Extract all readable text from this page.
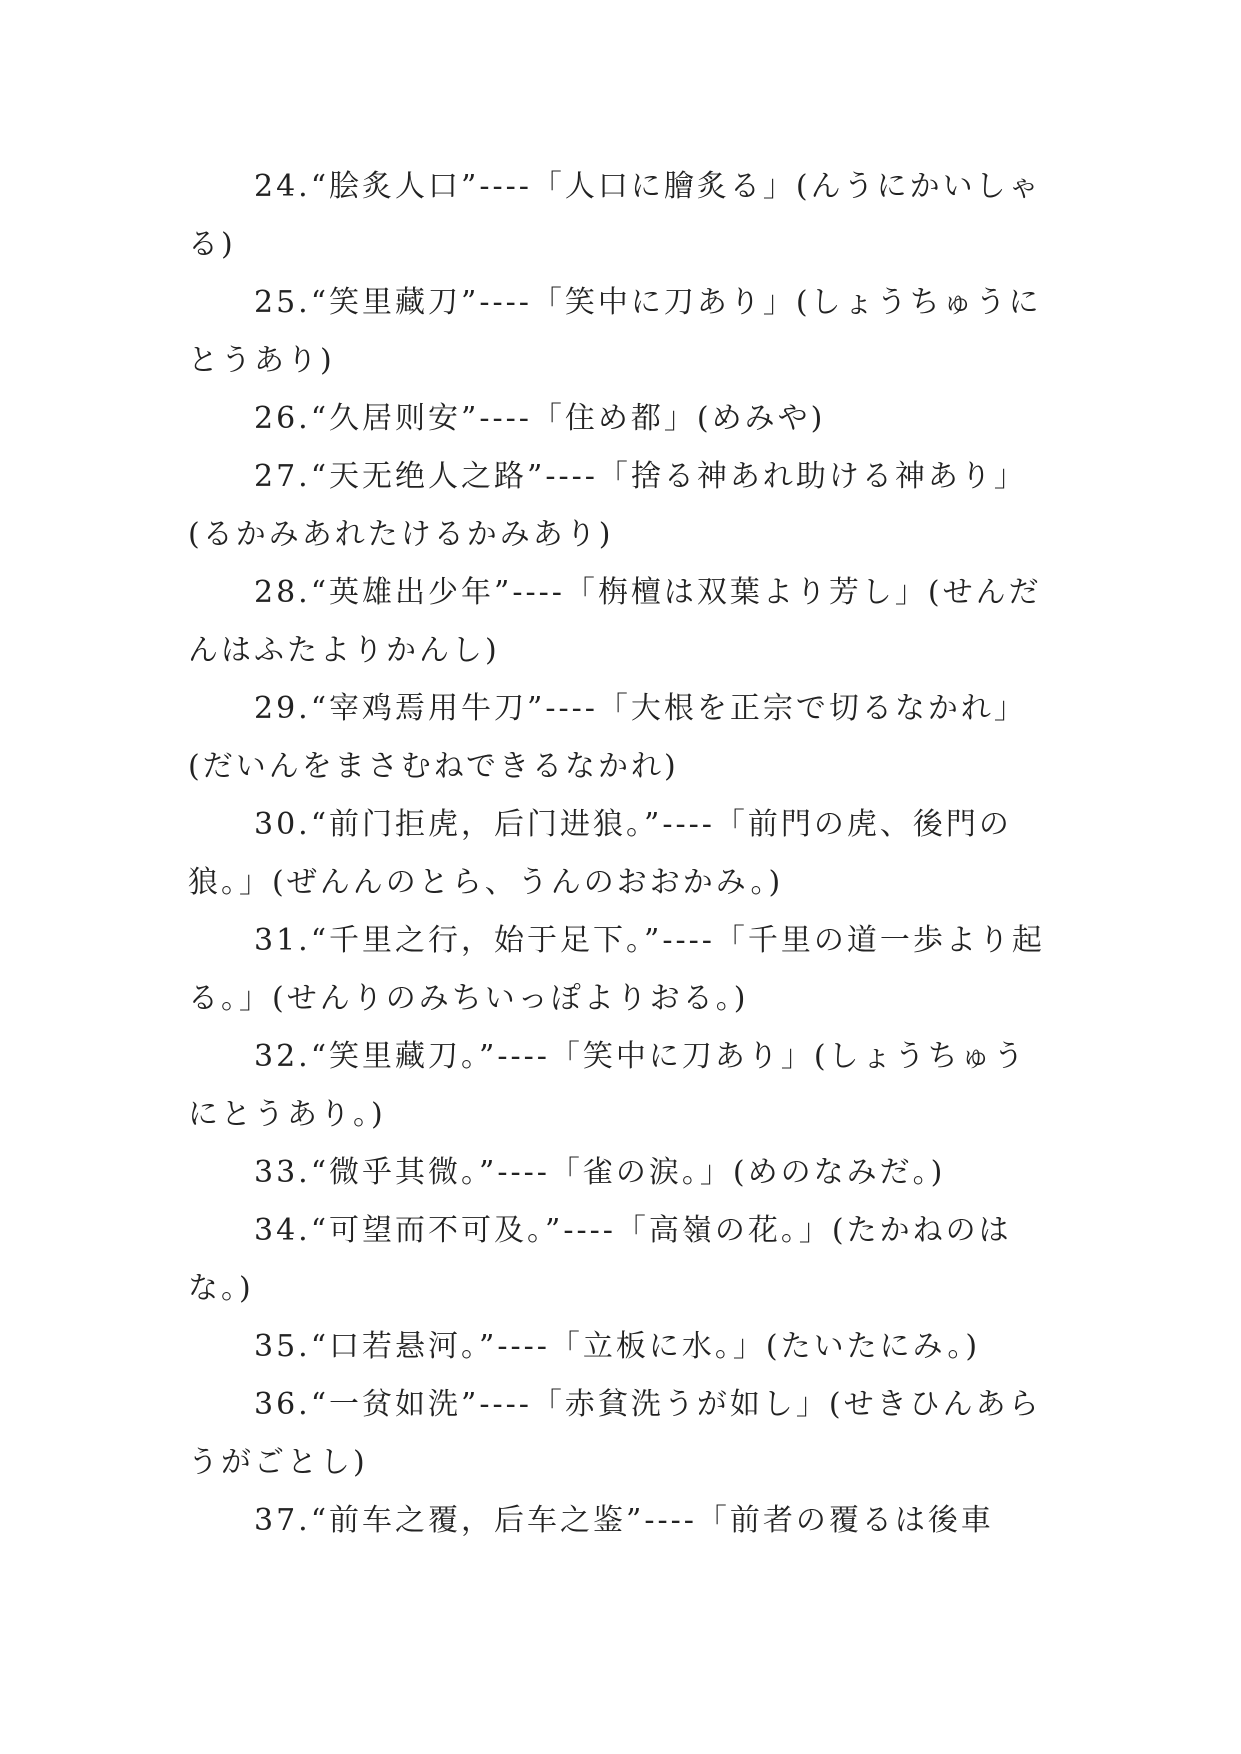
24.“脍炙人口”----「人口に膾炙る」(んうにかいしゃる)

25.“笑里藏刀”----「笑中に刀あり」(しょうちゅうにとうあり)

26.“久居则安”----「住め都」(めみや)

27.“天无绝人之路”----「捨る神あれ助ける神あり」(るかみあれたけるかみあり)

28.“英雄出少年”----「栴檀は双葉より芳し」(せんだんはふたよりかんし)

29.“宰鸡焉用牛刀”----「大根を正宗で切るなかれ」(だいんをまさむねできるなかれ)

30.“前门拒虎，后门进狼。”----「前門の虎、後門の狼。」(ぜんんのとら、うんのおおかみ。)

31.“千里之行，始于足下。”----「千里の道一歩より起る。」(せんりのみちいっぽよりおる。)

32.“笑里藏刀。”----「笑中に刀あり」(しょうちゅうにとうあり。)

33.“微乎其微。”----「雀の涙。」(めのなみだ。)

34.“可望而不可及。”----「高嶺の花。」(たかねのはな。)

35.“口若悬河。”----「立板に水。」(たいたにみ。)

36.“一贫如洗”----「赤貧洗うが如し」(せきひんあらうがごとし)

37.“前车之覆，后车之鉴”----「前者の覆るは後車
